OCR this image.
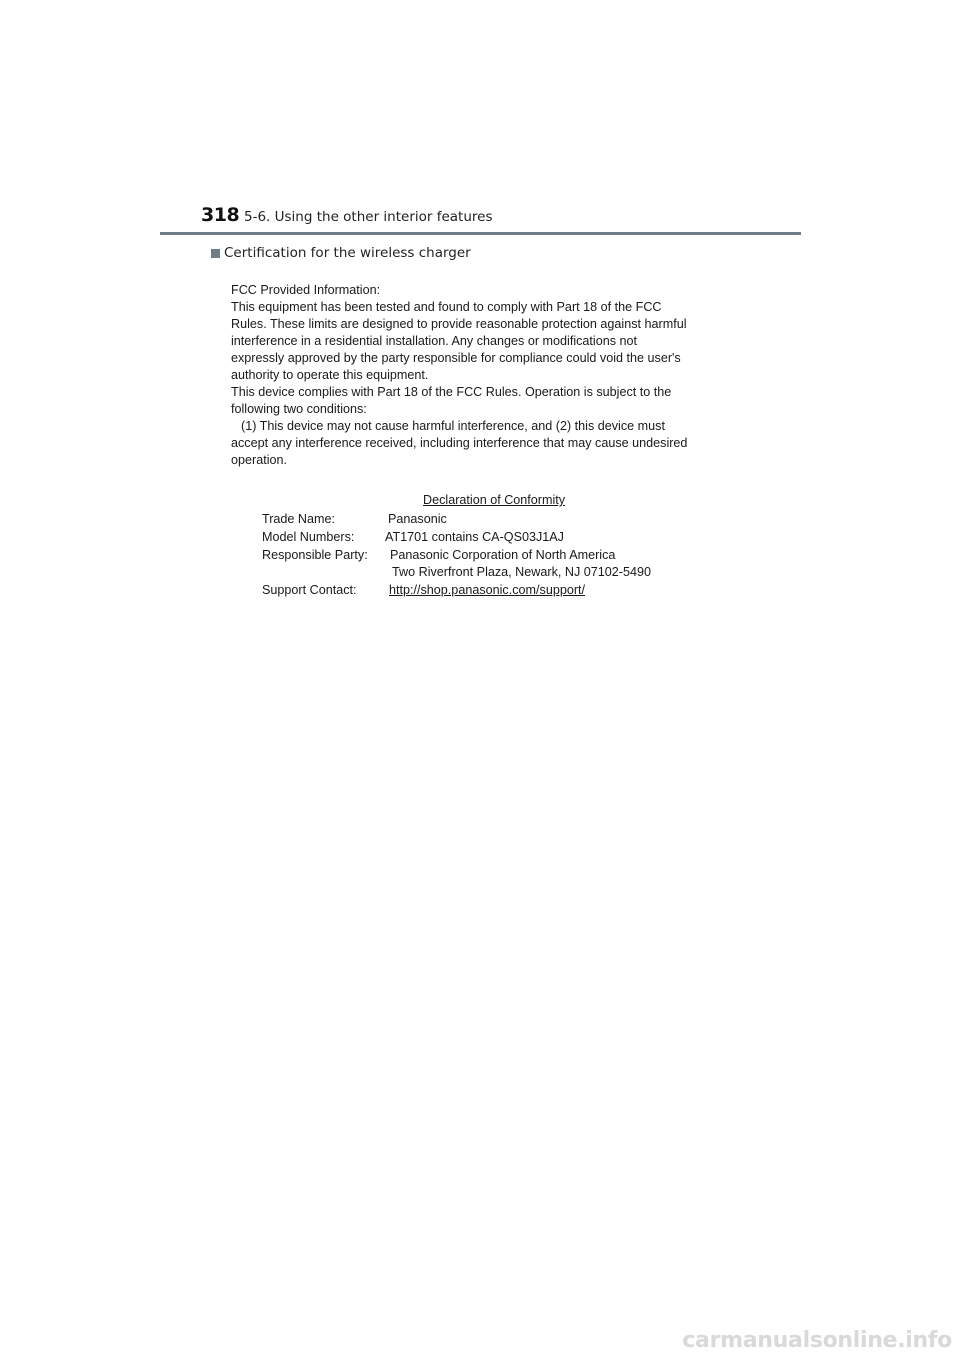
318 5-6. Using the other interior features
Certification for the wireless charger
FCC Provided Information:
This equipment has been tested and found to comply with Part 18 of the FCC
Rules. These limits are designed to provide reasonable protection against harmful
interference in a residential installation. Any changes or modifications not
expressly approved by the party responsible for compliance could void the user's
authority to operate this equipment.
This device complies with Part 18 of the FCC Rules. Operation is subject to the
following two conditions:
(1) This device may not cause harmful interference, and (2) this device must
accept any interference received, including interference that may cause undesired
operation.
Declaration of Conformity
Trade Name:	Panasonic
Model Numbers: AT1701 contains CA-QS03J1AJ
Responsible Party: Panasonic Corporation of North America
Two Riverfront Plaza, Newark, NJ 07102-5490
Support Contact:	http://shop.panasonic.com/support/
carmanualsonline.info
